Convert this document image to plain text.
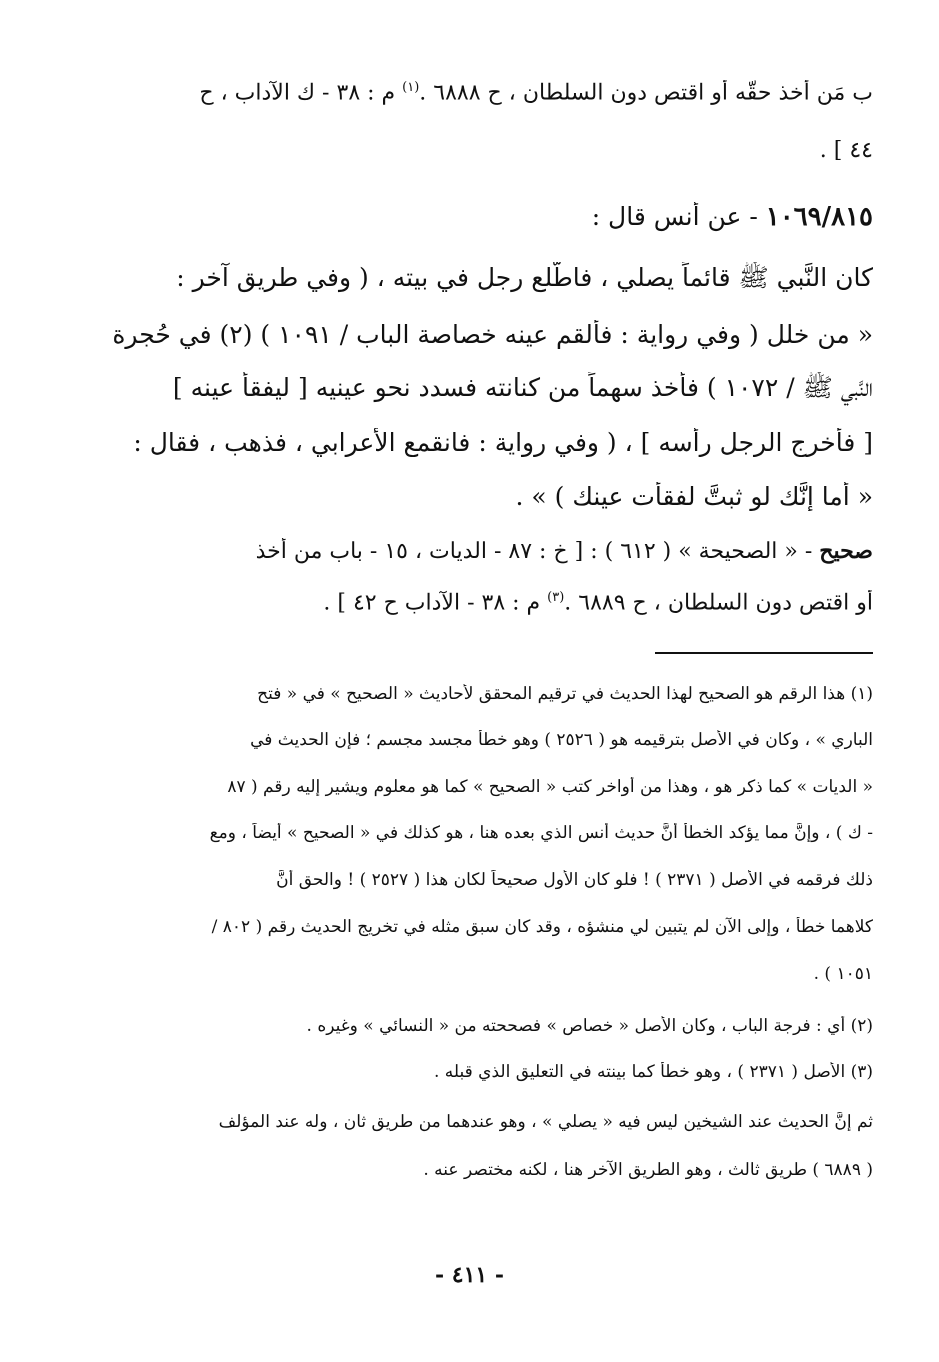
ب مَن أخذ حقَّه أو اقتص دون السلطان ، ح ٦٨٨٨ .$^{(١)}$ م : ٣٨ - ك الآداب ، ح
٤٤ ] .
١٠٦٩/٨١٥ - عن أنس قال :
كان النَّبي ﷺ قائماً يصلي ، فاطَّلع رجل في بيته ، ( وفي طريق آخر :
« من خلل ( وفي رواية : فألقم عينه خصاصة الباب / ١٠٩١ ) (٢) في حُجرة
النَّبي ﷺ / ١٠٧٢ ) فأخذ سهماً من كنانته فسدد نحو عينيه [ ليفقأ عينه ]
[ فأخرج الرجل رأسه ] ، ( وفي رواية : فانقمع الأعرابي ، فذهب ، فقال :
« أما إنَّك لو ثبتَّ لفقأت عينك ) » .
صحيح - « الصحيحة » ( ٦١٢ ) : [ خ : ٨٧ - الديات ، ١٥ - باب من أخذ
أو اقتص دون السلطان ، ح ٦٨٨٩ .$^{(٣)}$ م : ٣٨ - الآداب ح ٤٢ ] .
(١) هذا الرقم هو الصحيح لهذا الحديث في ترقيم المحقق لأحاديث « الصحيح » في « فتح
الباري » ، وكان في الأصل بترقيمه هو ( ٢٥٢٦ ) وهو خطأ مجسد مجسم ؛ فإن الحديث في
« الديات » كما ذكر هو ، وهذا من أواخر كتب « الصحيح » كما هو معلوم ويشير إليه رقم ( ٨٧
- ك ) ، وإنَّ مما يؤكد الخطأ أنَّ حديث أنس الذي بعده هنا ، هو كذلك في « الصحيح » أيضاً ، ومع
ذلك فرقمه في الأصل ( ٢٣٧١ ) ! فلو كان الأول صحيحاً لكان هذا ( ٢٥٢٧ ) ! والحق أنَّ
كلاهما خطأ ، وإلى الآن لم يتبين لي منشؤه ، وقد كان سبق مثله في تخريج الحديث رقم ( ٨٠٢ /
١٠٥١ ) .
(٢) أي : فرجة الباب ، وكان الأصل « خصاص » فصححته من « النسائي » وغيره .
(٣) الأصل ( ٢٣٧١ ) ، وهو خطأ كما بينته في التعليق الذي قبله .
ثم إنَّ الحديث عند الشيخين ليس فيه « يصلي » ، وهو عندهما من طريق ثان ، وله عند المؤلف
( ٦٨٨٩ ) طريق ثالث ، وهو الطريق الآخر هنا ، لكنه مختصر عنه .
- ٤١١ -
